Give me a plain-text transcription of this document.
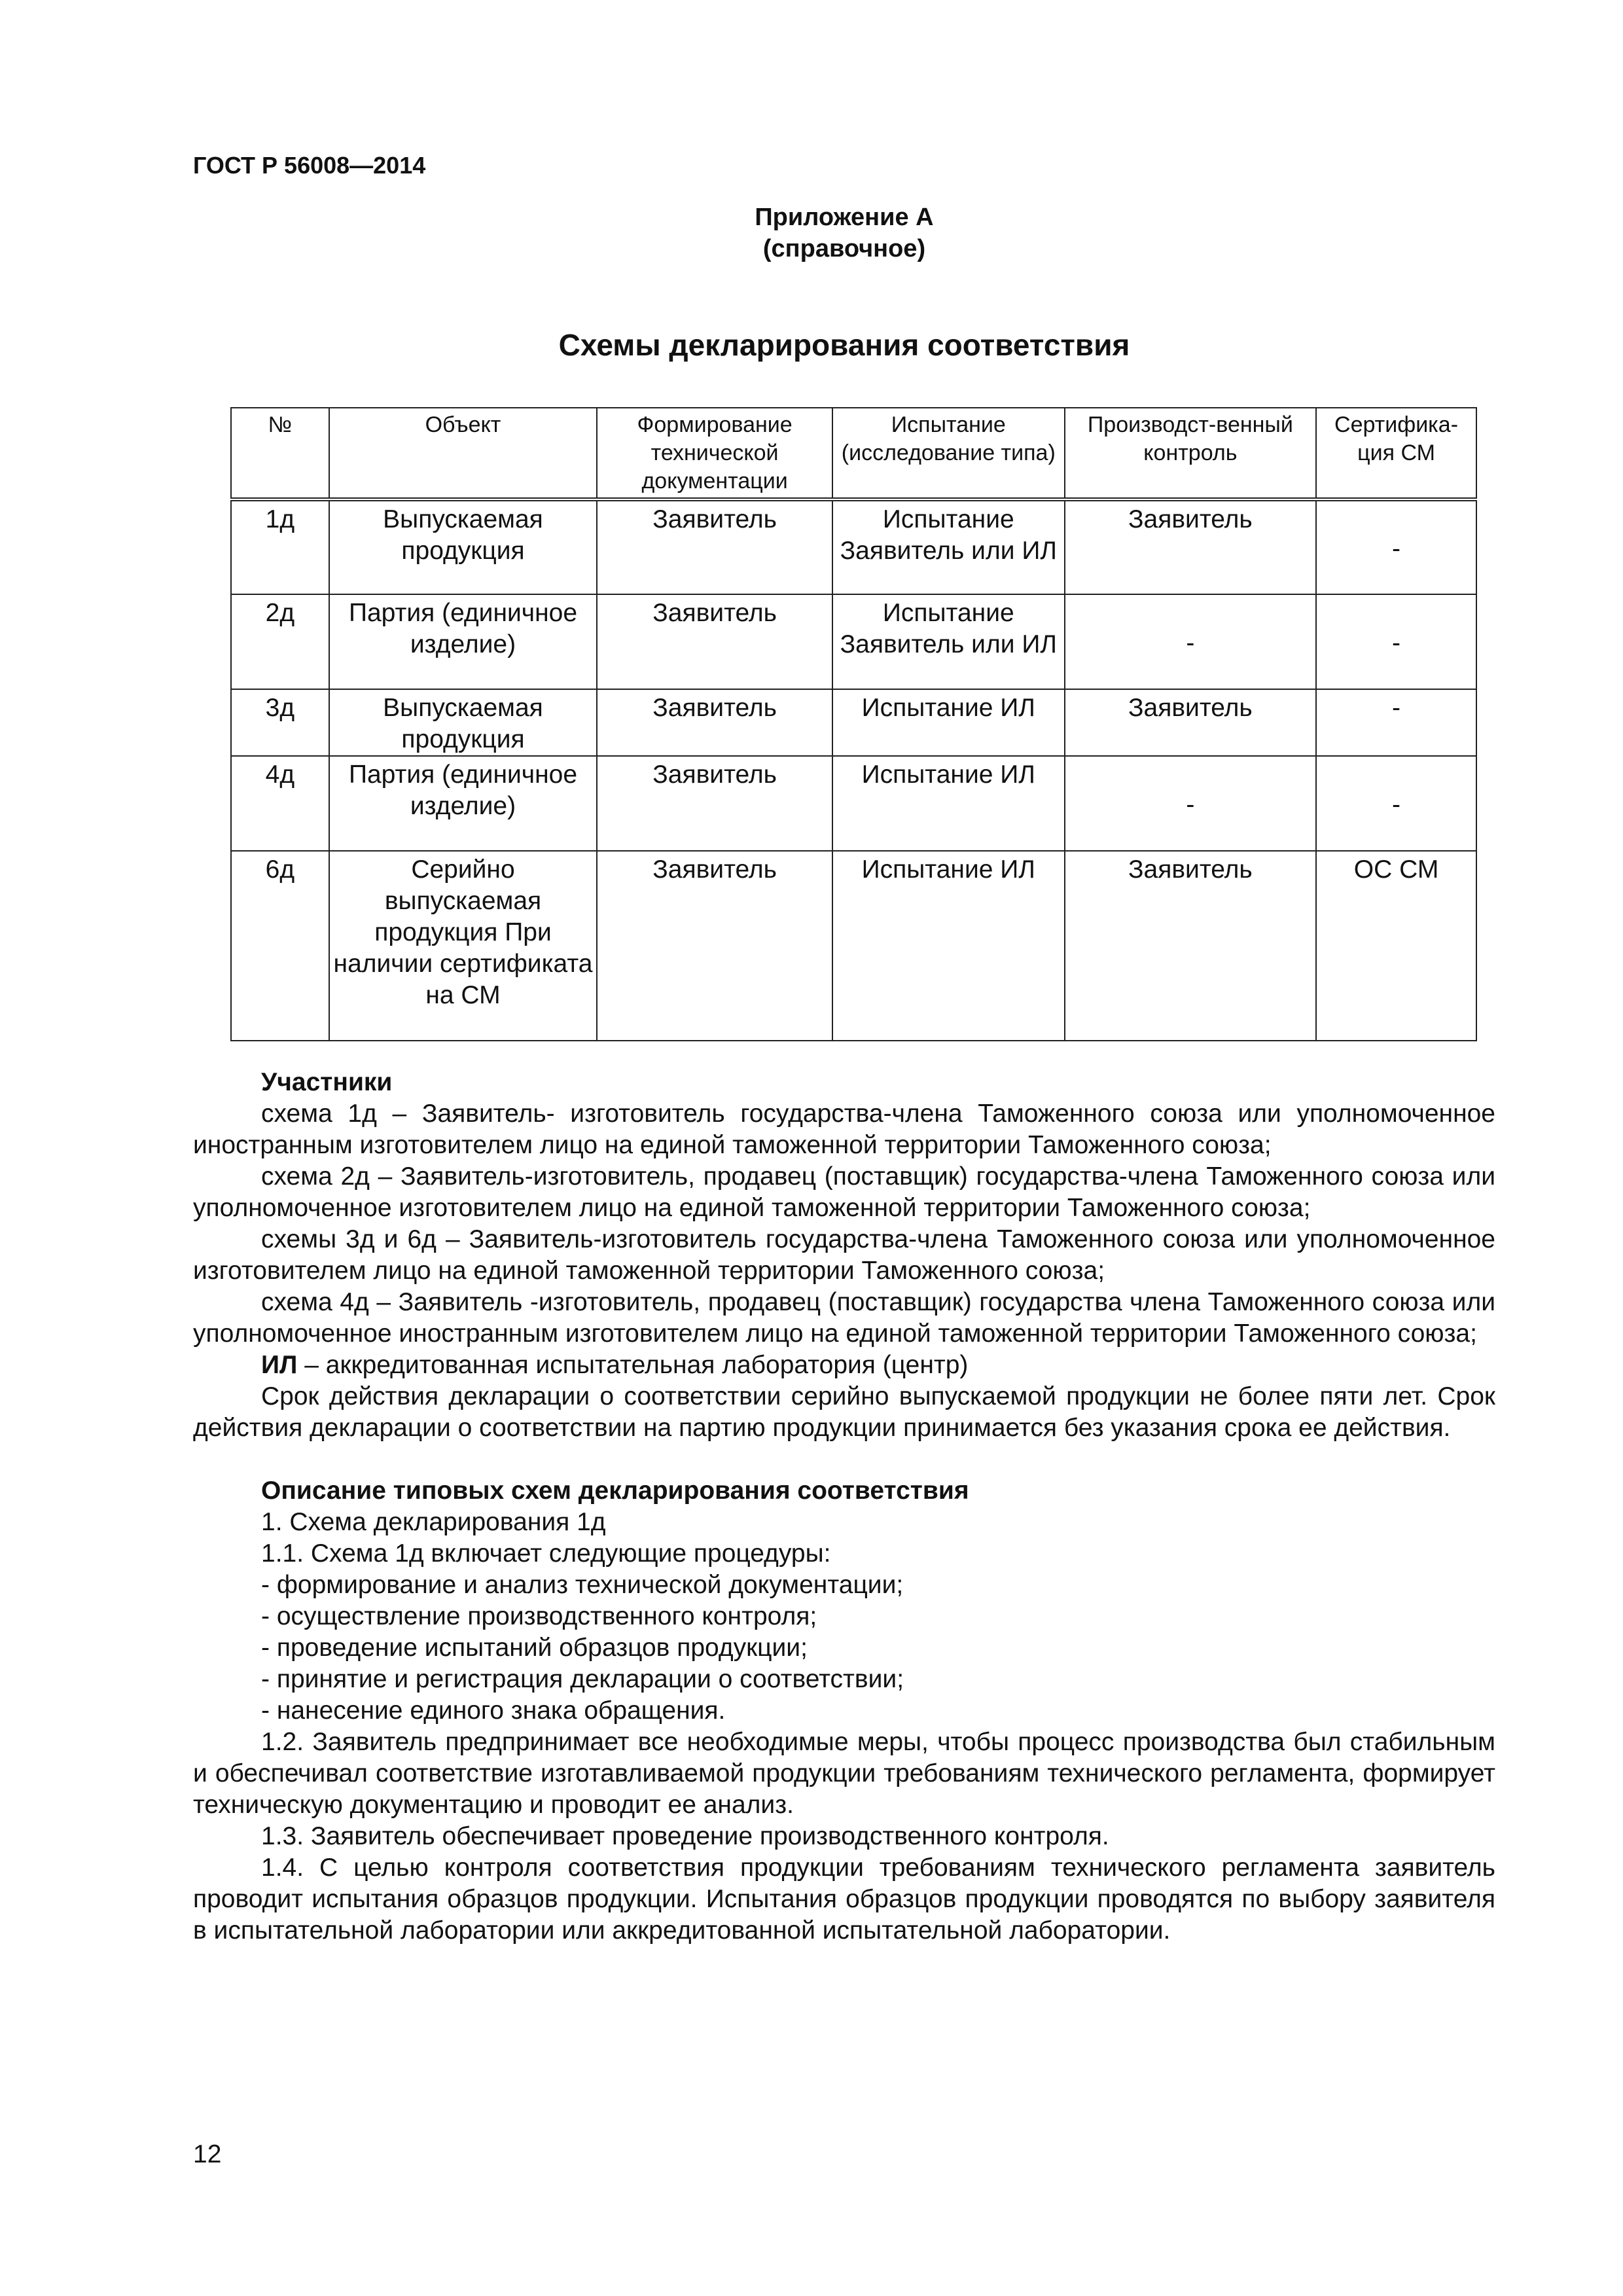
ГОСТ Р 56008—2014
Приложение А
(справочное)
Схемы декларирования соответствия
№	Объект	Формирование технической документации	Испытание (исследование типа)	Производст-венный контроль	Сертифика-ция СМ
1д	Выпускаемая продукция	Заявитель	Испытание Заявитель или ИЛ	Заявитель	-
2д	Партия (единичное изделие)	Заявитель	Испытание Заявитель или ИЛ	-	-
3д	Выпускаемая продукция	Заявитель	Испытание ИЛ	Заявитель	-
4д	Партия (единичное изделие)	Заявитель	Испытание ИЛ	-	-
6д	Серийно выпускаемая продукция При наличии сертификата на СМ	Заявитель	Испытание ИЛ	Заявитель	ОС СМ

Участники

схема 1д – Заявитель- изготовитель государства-члена Таможенного союза или уполномоченное иностранным изготовителем лицо на единой таможенной территории Таможенного союза;

схема 2д – Заявитель-изготовитель, продавец (поставщик) государства-члена Таможенного союза или уполномоченное изготовителем лицо на единой таможенной территории Таможенного союза;

схемы 3д и 6д – Заявитель-изготовитель государства-члена Таможенного союза или уполномоченное изготовителем лицо на единой таможенной территории Таможенного союза;

схема 4д – Заявитель -изготовитель, продавец (поставщик) государства члена Таможенного союза или уполномоченное иностранным изготовителем лицо на единой таможенной территории Таможенного союза;

ИЛ – аккредитованная испытательная лаборатория (центр)

Срок действия декларации о соответствии серийно выпускаемой продукции не более пяти лет. Срок действия декларации о соответствии на партию продукции принимается без указания срока ее действия.

Описание типовых схем декларирования соответствия

1. Схема декларирования 1д

1.1. Схема 1д включает следующие процедуры:

- формирование и анализ технической документации;

- осуществление производственного контроля;

- проведение испытаний образцов продукции;

- принятие и регистрация декларации о соответствии;

- нанесение единого знака обращения.

1.2. Заявитель предпринимает все необходимые меры, чтобы процесс производства был стабильным и обеспечивал соответствие изготавливаемой продукции требованиям технического регламента, формирует техническую документацию и проводит ее анализ.

1.3. Заявитель обеспечивает проведение производственного контроля.

1.4. С целью контроля соответствия продукции требованиям технического регламента заявитель проводит испытания образцов продукции. Испытания образцов продукции проводятся по выбору заявителя в испытательной лаборатории или аккредитованной испытательной лаборатории.

12
